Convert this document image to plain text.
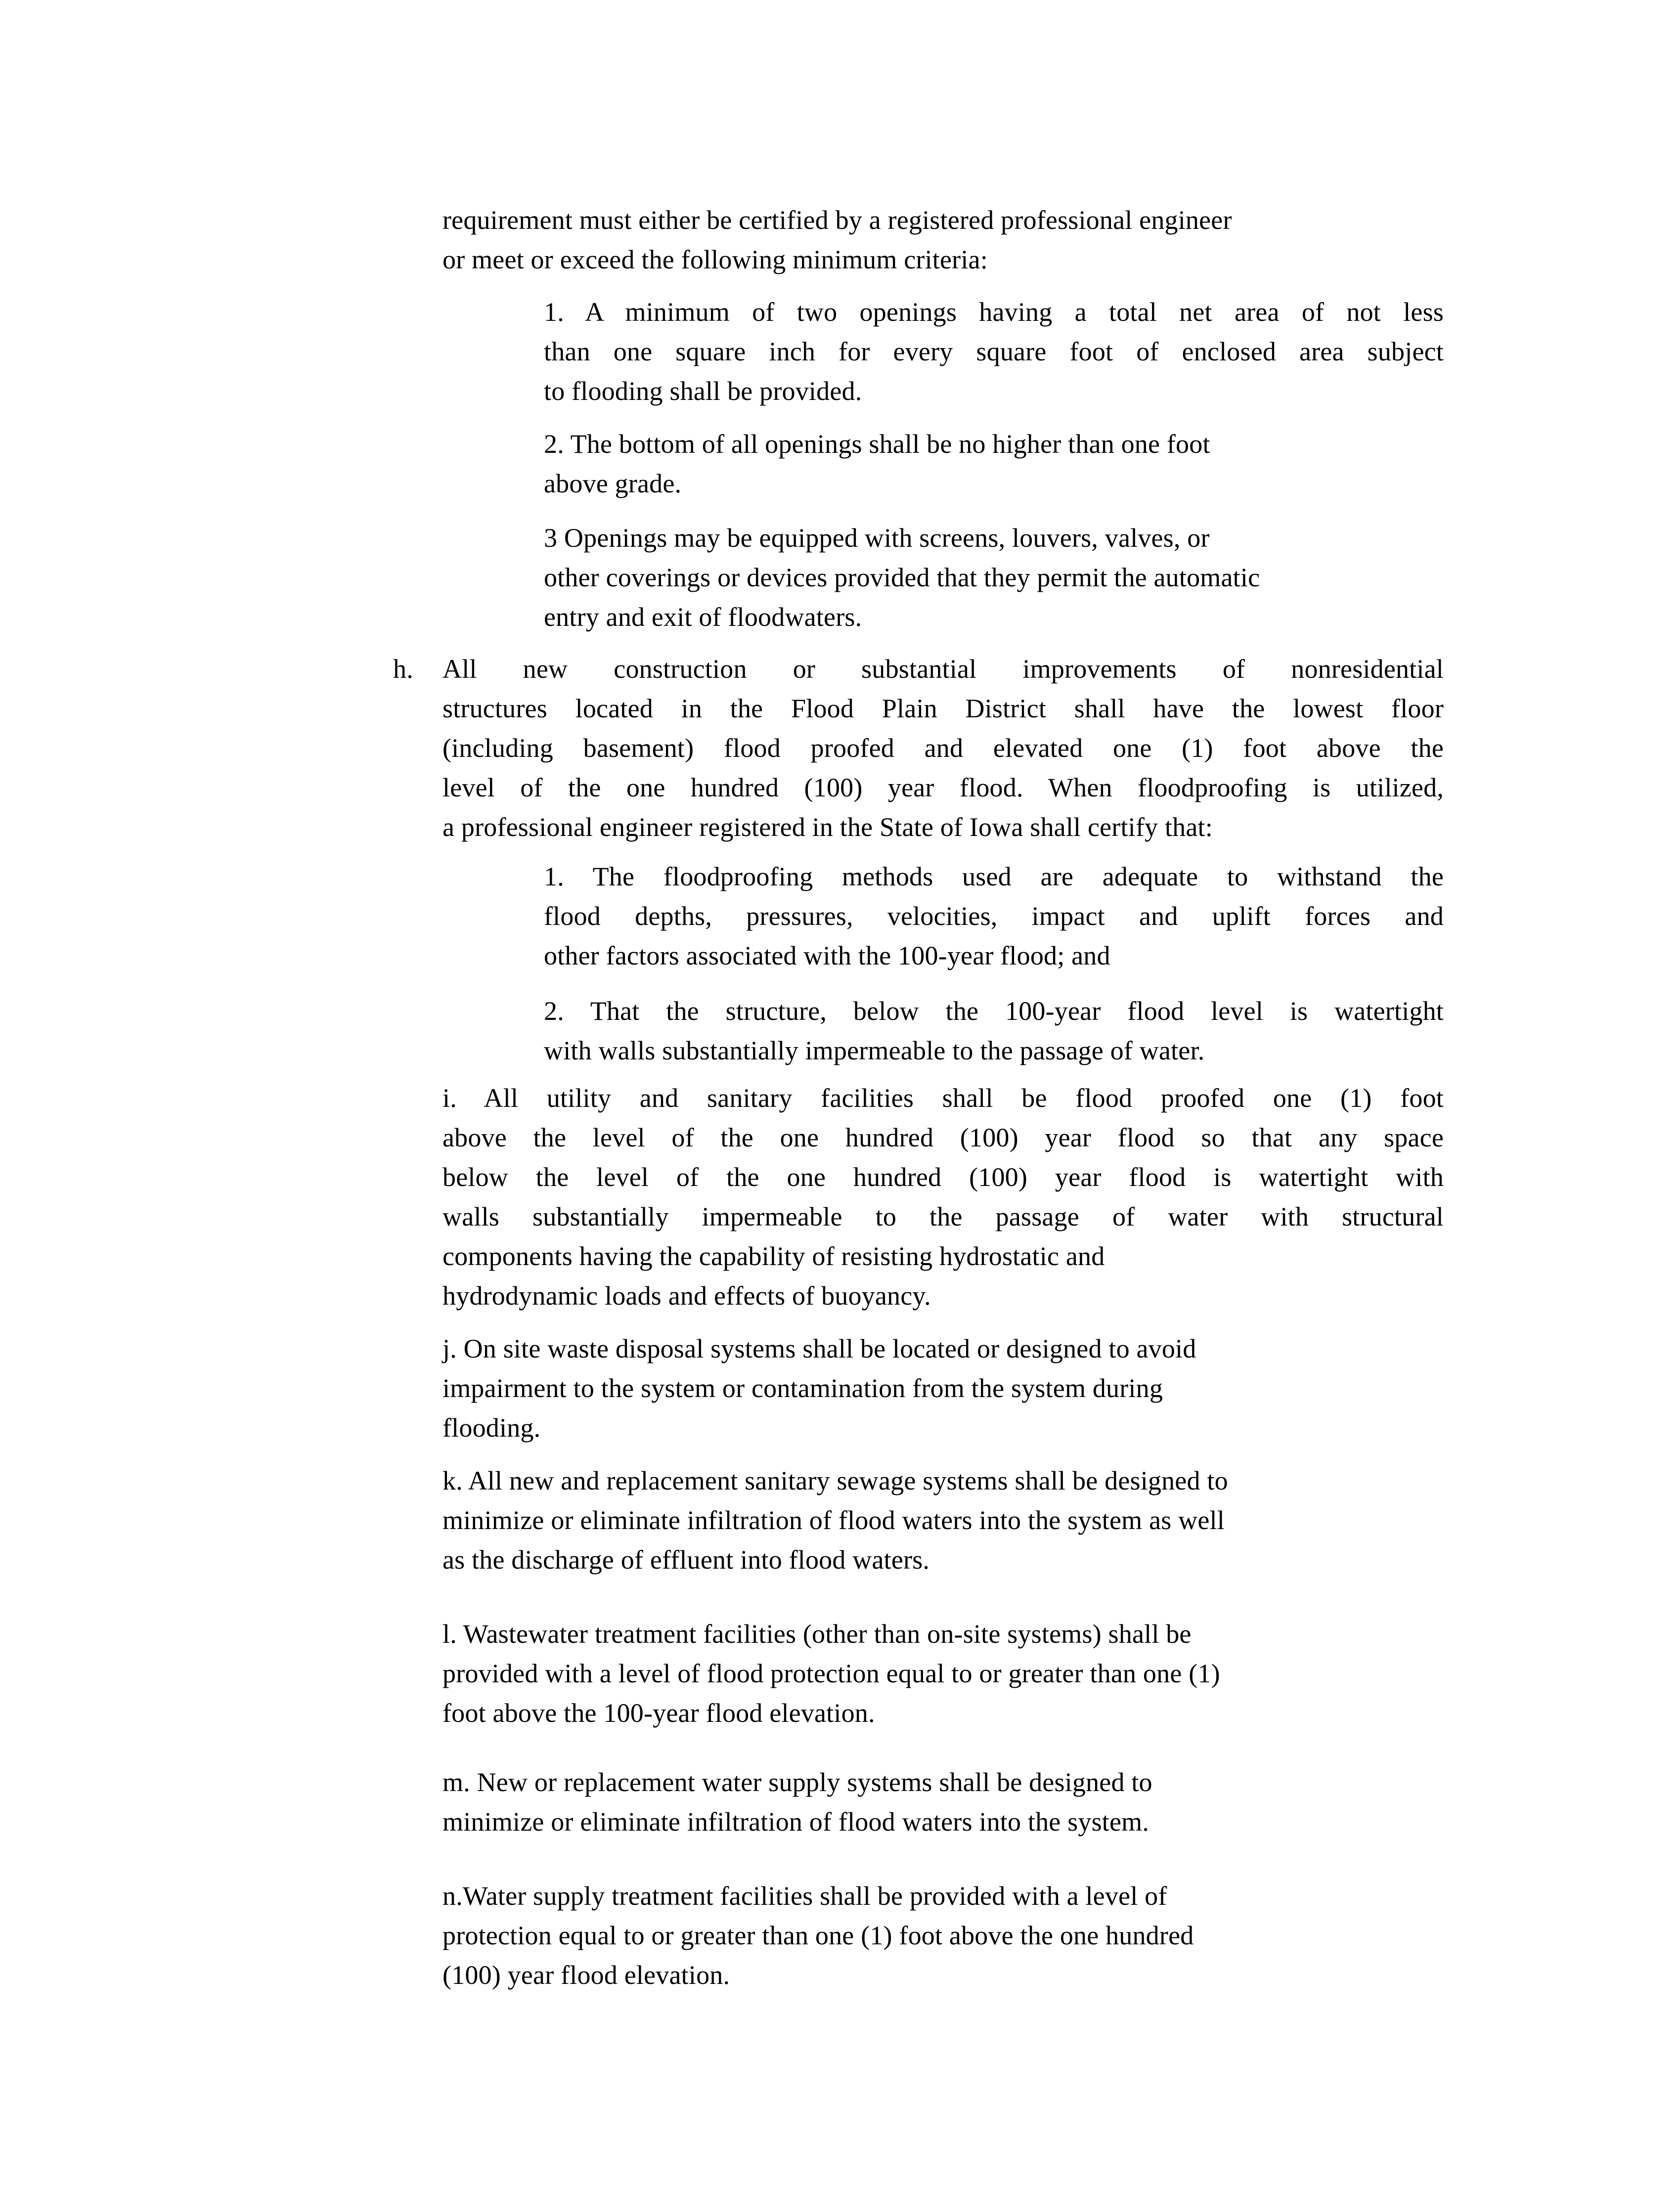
requirement must either be certified by a registered professional engineer
or meet or exceed the following minimum criteria:
1. A minimum of two openings having a total net area of not less
than one square inch for every square foot of enclosed area subject
to flooding shall be provided.
2. The bottom of all openings shall be no higher than one foot
above grade.
3 Openings may be equipped with screens, louvers, valves, or
other coverings or devices provided that they permit the automatic
entry and exit of floodwaters.
h. All new construction or substantial improvements of nonresidential
structures located in the Flood Plain District shall have the lowest floor
(including basement) flood proofed and elevated one (1) foot above the
level of the one hundred (100) year flood. When floodproofing is utilized,
a professional engineer registered in the State of Iowa shall certify that:
1. The floodproofing methods used are adequate to withstand the
flood depths, pressures, velocities, impact and uplift forces and
other factors associated with the 100-year flood; and
2. That the structure, below the 100-year flood level is watertight
with walls substantially impermeable to the passage of water.
i. All utility and sanitary facilities shall be flood proofed one (1) foot
above the level of the one hundred (100) year flood so that any space
below the level of the one hundred (100) year flood is watertight with
walls substantially impermeable to the passage of water with structural
components having the capability of resisting hydrostatic and
hydrodynamic loads and effects of buoyancy.
j. On site waste disposal systems shall be located or designed to avoid
impairment to the system or contamination from the system during
flooding.
k. All new and replacement sanitary sewage systems shall be designed to
minimize or eliminate infiltration of flood waters into the system as well
as the discharge of effluent into flood waters.
l. Wastewater treatment facilities (other than on-site systems) shall be
provided with a level of flood protection equal to or greater than one (1)
foot above the 100-year flood elevation.
m. New or replacement water supply systems shall be designed to
minimize or eliminate infiltration of flood waters into the system.
n.Water supply treatment facilities shall be provided with a level of
protection equal to or greater than one (1) foot above the one hundred
(100) year flood elevation.
